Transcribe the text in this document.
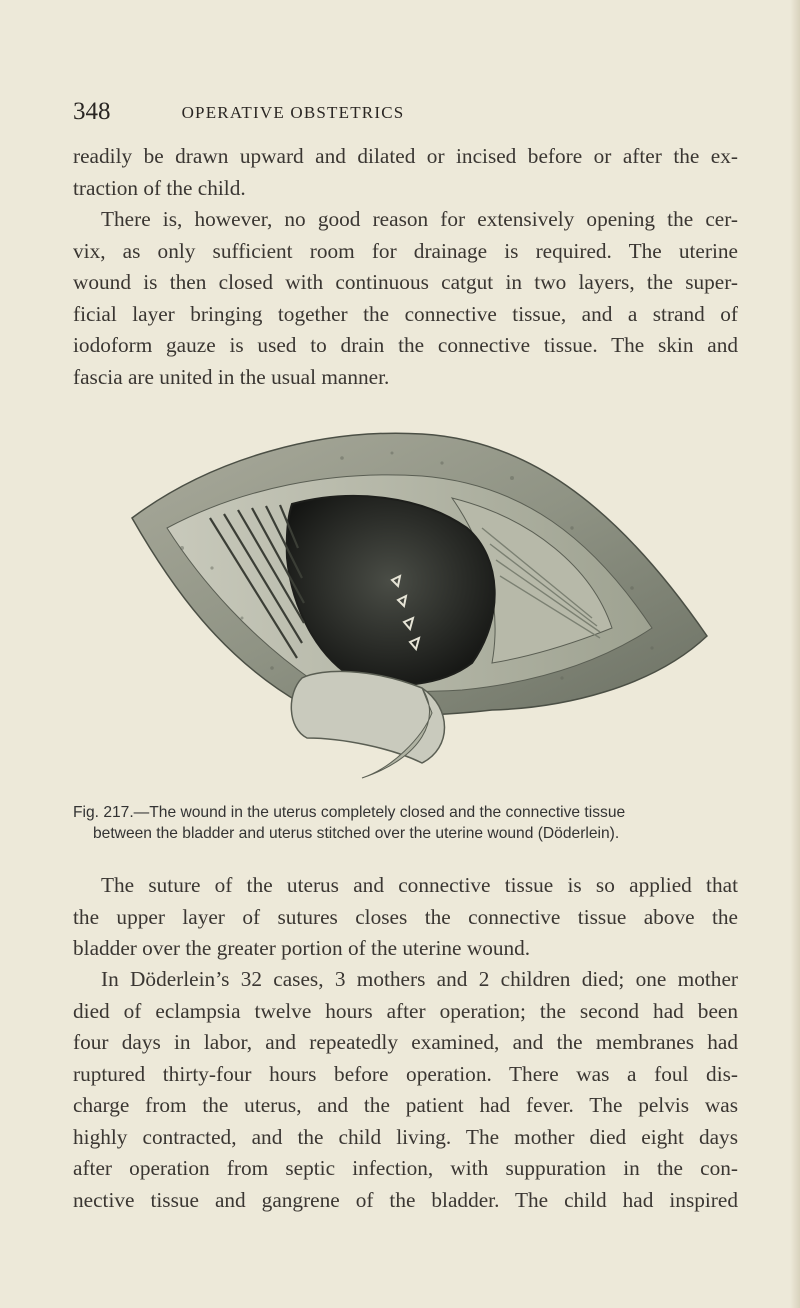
348	OPERATIVE OBSTETRICS
readily be drawn upward and dilated or incised before or after the ex-
traction of the child.
There is, however, no good reason for extensively opening the cer-
vix, as only sufficient room for drainage is required. The uterine
wound is then closed with continuous catgut in two layers, the super-
ficial layer bringing together the connective tissue, and a strand of
iodoform gauze is used to drain the connective tissue. The skin and
fascia are united in the usual manner.
Fig. 217.—The wound in the uterus completely closed and the connective tissue
between the bladder and uterus stitched over the uterine wound (Döderlein).
The suture of the uterus and connective tissue is so applied that
the upper layer of sutures closes the connective tissue above the
bladder over the greater portion of the uterine wound.
In Döderlein’s 32 cases, 3 mothers and 2 children died; one mother
died of eclampsia twelve hours after operation; the second had been
four days in labor, and repeatedly examined, and the membranes had
ruptured thirty-four hours before operation. There was a foul dis-
charge from the uterus, and the patient had fever. The pelvis was
highly contracted, and the child living. The mother died eight days
after operation from septic infection, with suppuration in the con-
nective tissue and gangrene of the bladder. The child had inspired
